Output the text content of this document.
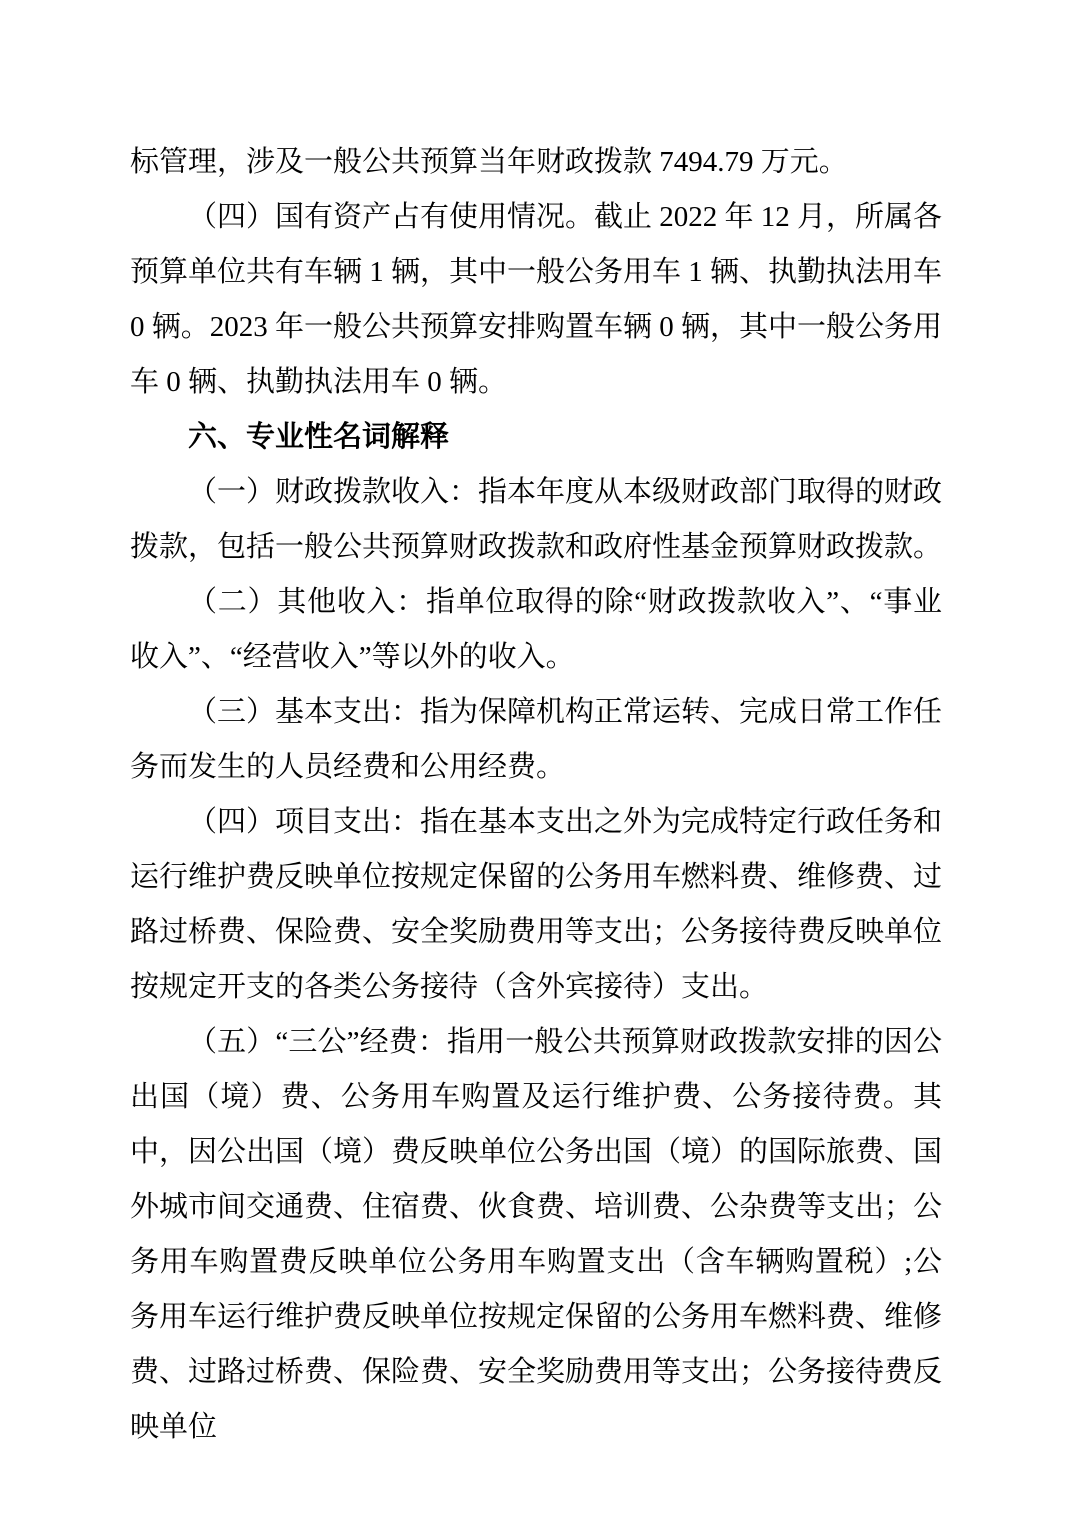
标管理，涉及一般公共预算当年财政拨款 7494.79 万元。

（四）国有资产占有使用情况。截止 2022 年 12 月，所属各预算单位共有车辆 1 辆，其中一般公务用车 1 辆、执勤执法用车 0 辆。2023 年一般公共预算安排购置车辆 0 辆，其中一般公务用车 0 辆、执勤执法用车 0 辆。

六、专业性名词解释

（一）财政拨款收入：指本年度从本级财政部门取得的财政拨款，包括一般公共预算财政拨款和政府性基金预算财政拨款。

（二）其他收入：指单位取得的除“财政拨款收入”、“事业收入”、“经营收入”等以外的收入。

（三）基本支出：指为保障机构正常运转、完成日常工作任务而发生的人员经费和公用经费。

（四）项目支出：指在基本支出之外为完成特定行政任务和运行维护费反映单位按规定保留的公务用车燃料费、维修费、过路过桥费、保险费、安全奖励费用等支出；公务接待费反映单位按规定开支的各类公务接待（含外宾接待）支出。

（五）“三公”经费：指用一般公共预算财政拨款安排的因公出国（境）费、公务用车购置及运行维护费、公务接待费。其中，因公出国（境）费反映单位公务出国（境）的国际旅费、国外城市间交通费、住宿费、伙食费、培训费、公杂费等支出；公务用车购置费反映单位公务用车购置支出（含车辆购置税）;公务用车运行维护费反映单位按规定保留的公务用车燃料费、维修费、过路过桥费、保险费、安全奖励费用等支出；公务接待费反映单位
